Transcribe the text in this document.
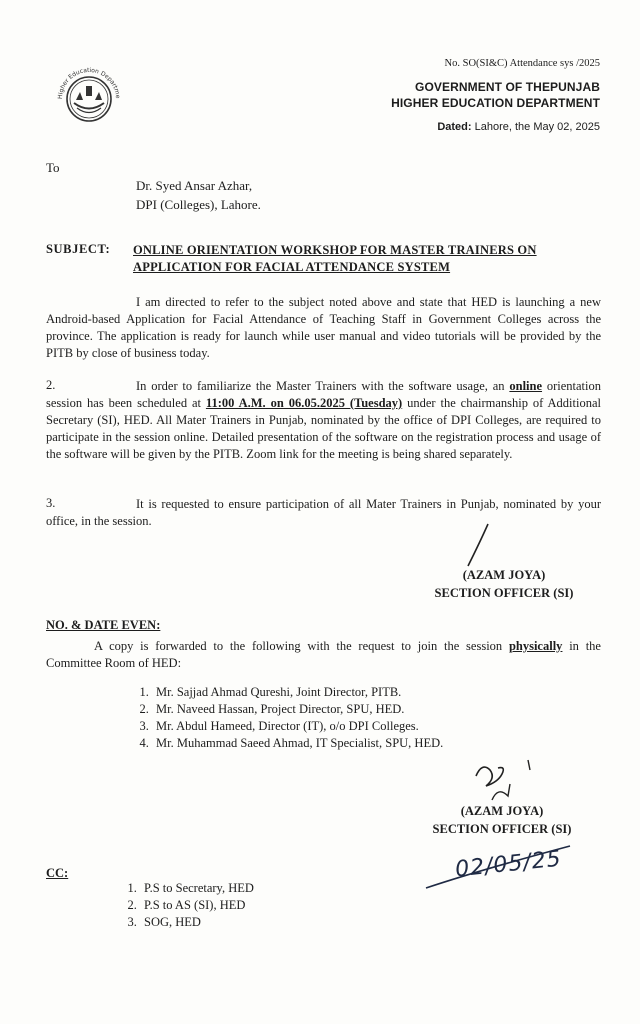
Higher Education Departme
No. SO(SI&C) Attendance sys /2025
GOVERNMENT OF THEPUNJAB
HIGHER EDUCATION DEPARTMENT
Dated: Lahore, the May 02, 2025
To
Dr. Syed Ansar Azhar,
DPI (Colleges), Lahore.
SUBJECT: ONLINE ORIENTATION WORKSHOP FOR MASTER TRAINERS ON APPLICATION FOR FACIAL ATTENDANCE SYSTEM
I am directed to refer to the subject noted above and state that HED is launching a new Android-based Application for Facial Attendance of Teaching Staff in Government Colleges across the province. The application is ready for launch while user manual and video tutorials will be provided by the PITB by close of business today.
2.	In order to familiarize the Master Trainers with the software usage, an online orientation session has been scheduled at 11:00 A.M. on 06.05.2025 (Tuesday) under the chairmanship of Additional Secretary (SI), HED. All Mater Trainers in Punjab, nominated by the office of DPI Colleges, are required to participate in the session online. Detailed presentation of the software on the registration process and usage of the software will be given by the PITB. Zoom link for the meeting is being shared separately.
3.	It is requested to ensure participation of all Mater Trainers in Punjab, nominated by your office, in the session.
(AZAM JOYA)
SECTION OFFICER (SI)
NO. & DATE EVEN:
A copy is forwarded to the following with the request to join the session physically in the Committee Room of HED:
1. Mr. Sajjad Ahmad Qureshi, Joint Director, PITB.
2. Mr. Naveed Hassan, Project Director, SPU, HED.
3. Mr. Abdul Hameed, Director (IT), o/o DPI Colleges.
4. Mr. Muhammad Saeed Ahmad, IT Specialist, SPU, HED.
(AZAM JOYA)
SECTION OFFICER (SI)
02/05/25
CC:
1. P.S to Secretary, HED
2. P.S to AS (SI), HED
3. SOG, HED
